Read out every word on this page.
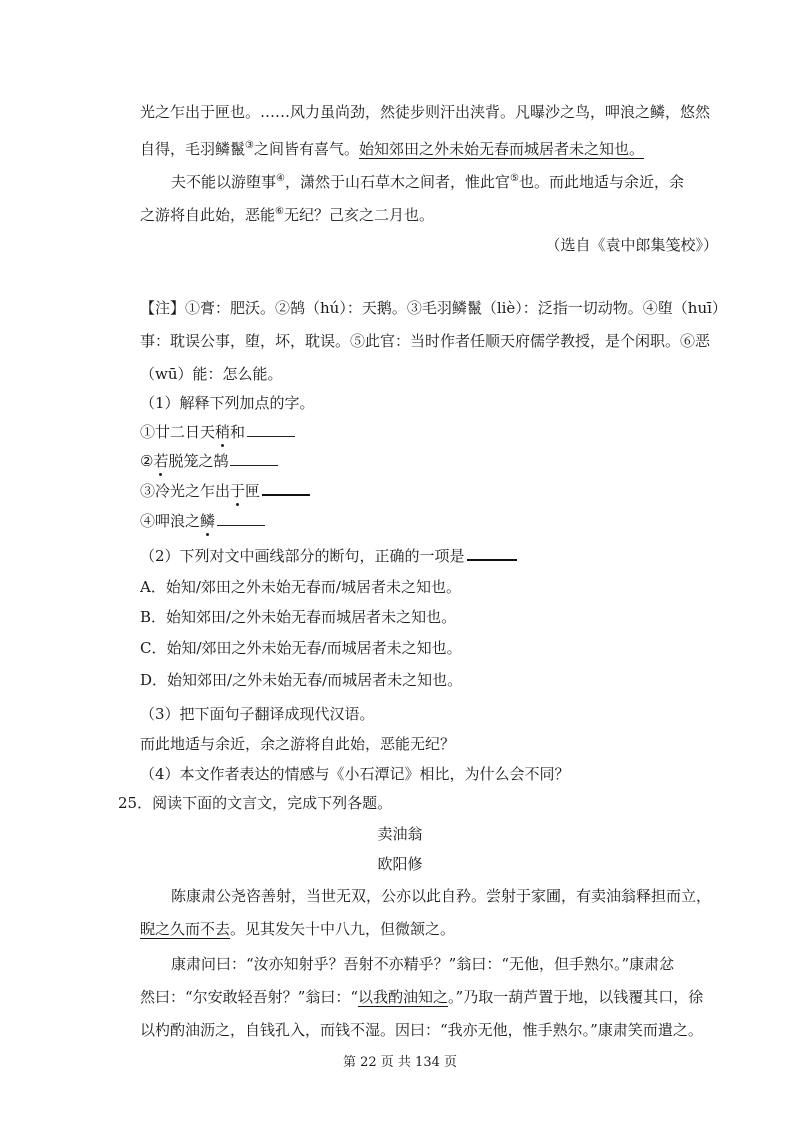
光之乍出于匣也。……风力虽尚劲，然徒步则汗出浃背。凡曝沙之鸟，呷浪之鳞，悠然
自得，毛羽鳞鬣③之间皆有喜气。始知郊田之外未始无春而城居者未之知也。
夫不能以游堕事④，潇然于山石草木之间者，惟此官⑤也。而此地适与余近，余
之游将自此始，恶能⑥无纪？己亥之二月也。
（选自《袁中郎集笺校》）
【注】①膏：肥沃。②鹄（hú）：天鹅。③毛羽鳞鬣（liè）：泛指一切动物。④堕（huī）
事：耽误公事，堕，坏，耽误。⑤此官：当时作者任顺天府儒学教授，是个闲职。⑥恶
（wū）能：怎么能。
（1）解释下列加点的字。
①廿二日天稍和
②若脱笼之鹄
③冷光之乍出于匣
④呷浪之鳞
（2）下列对文中画线部分的断句，正确的一项是
A．始知/郊田之外未始无春而/城居者未之知也。
B．始知郊田/之外未始无春而城居者未之知也。
C．始知/郊田之外未始无春/而城居者未之知也。
D．始知郊田/之外未始无春/而城居者未之知也。
（3）把下面句子翻译成现代汉语。
而此地适与余近，余之游将自此始，恶能无纪？
（4）本文作者表达的情感与《小石潭记》相比，为什么会不同？
25．阅读下面的文言文，完成下列各题。
卖油翁
欧阳修
陈康肃公尧咨善射，当世无双，公亦以此自矜。尝射于家圃，有卖油翁释担而立，
睨之久而不去。见其发矢十中八九，但微颔之。
康肃问曰：“汝亦知射乎？吾射不亦精乎？”翁曰：“无他，但手熟尔。”康肃忿
然曰：“尔安敢轻吾射？”翁曰：“以我酌油知之。”乃取一葫芦置于地，以钱覆其口，徐
以杓酌油沥之，自钱孔入，而钱不湿。因曰：“我亦无他，惟手熟尔。”康肃笑而遣之。
第 22 页 共 134 页
